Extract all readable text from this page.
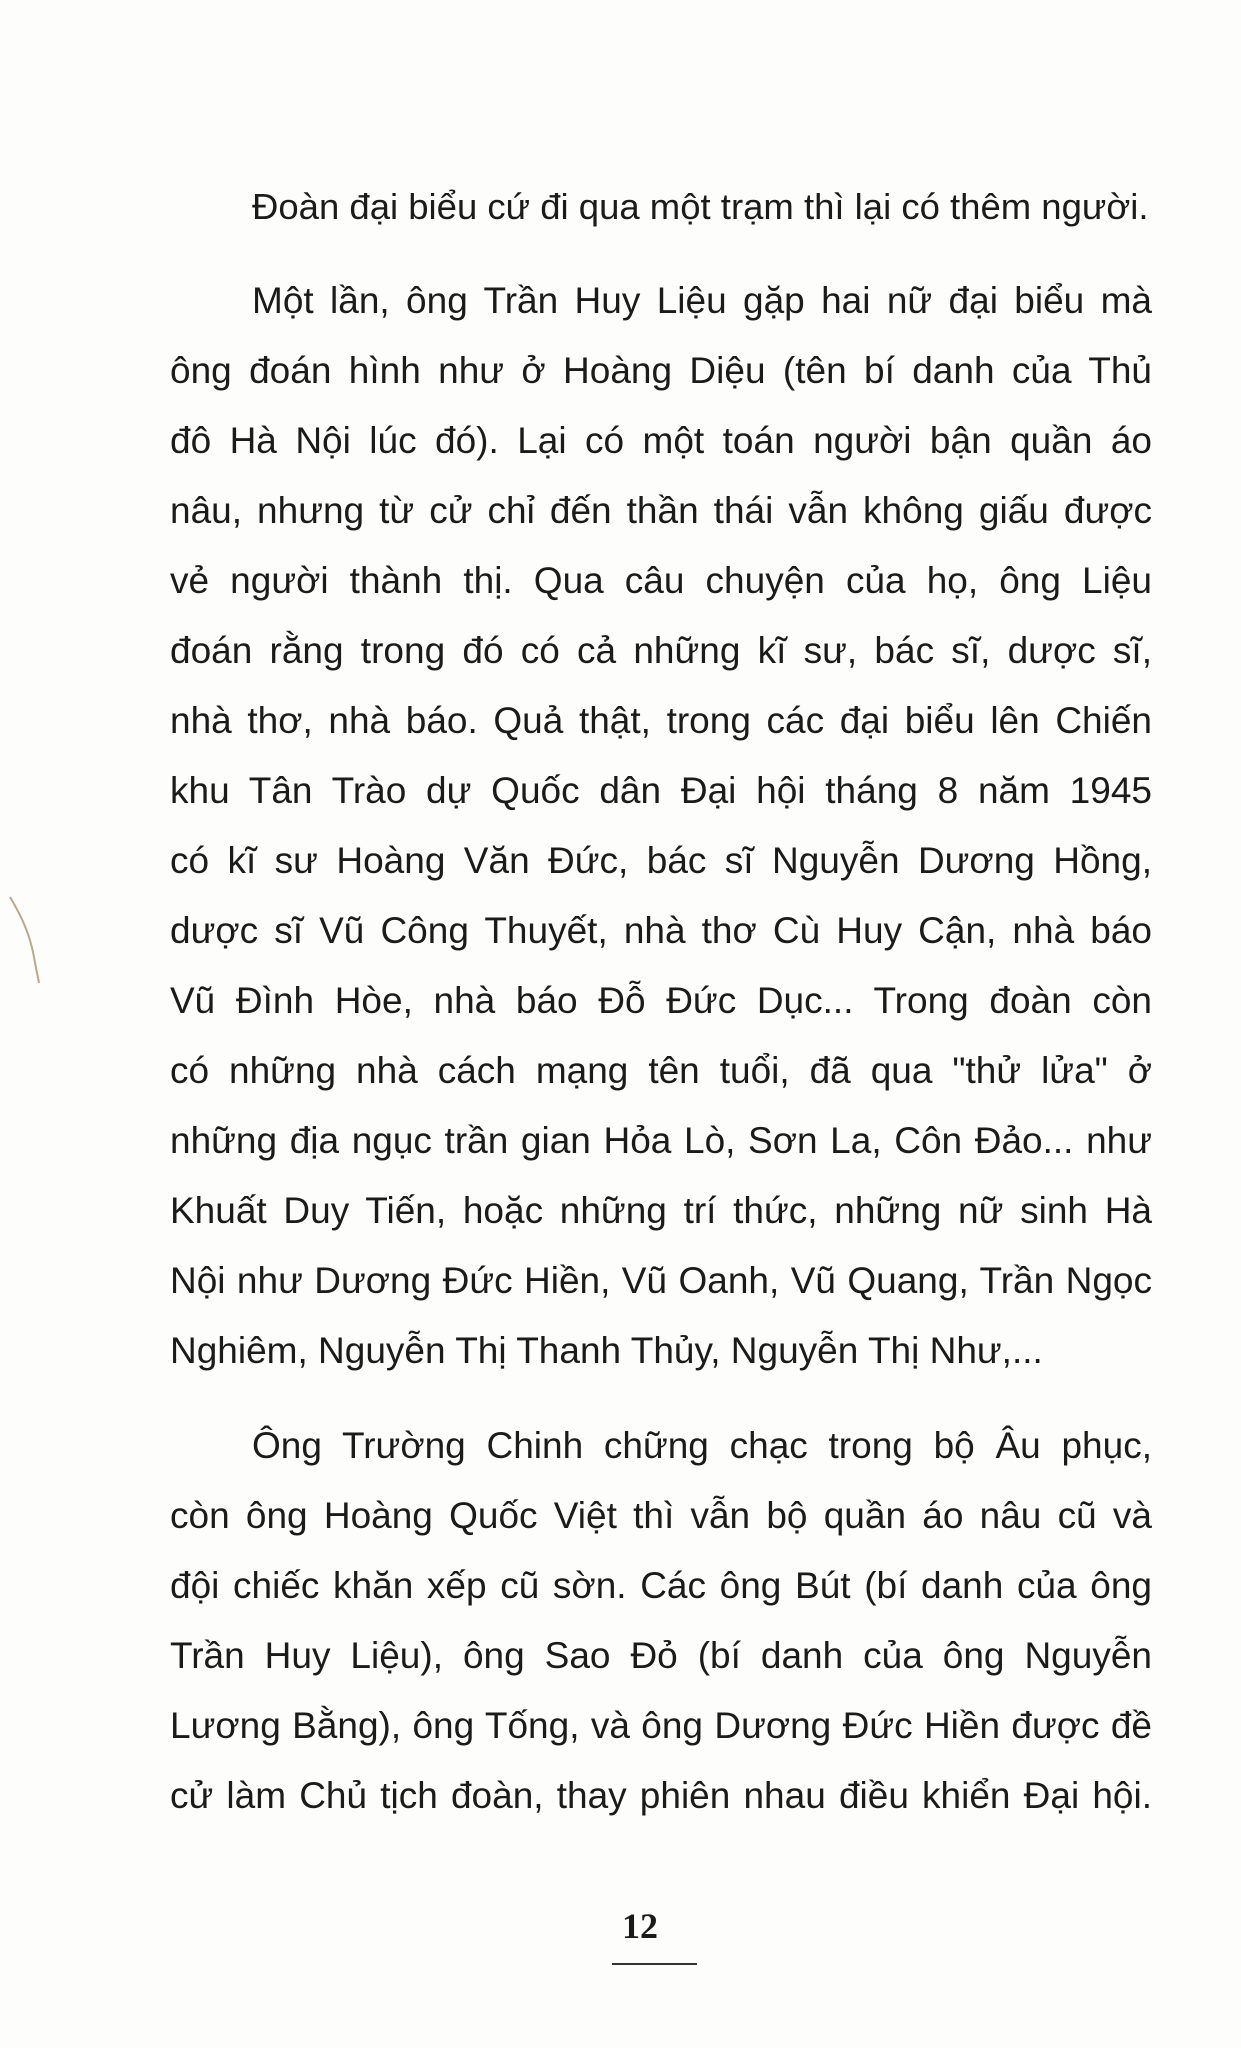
Đoàn đại biểu cứ đi qua một trạm thì lại có thêm người.
Một lần, ông Trần Huy Liệu gặp hai nữ đại biểu mà
ông đoán hình như ở Hoàng Diệu (tên bí danh của Thủ
đô Hà Nội lúc đó). Lại có một toán người bận quần áo
nâu, nhưng từ cử chỉ đến thần thái vẫn không giấu được
vẻ người thành thị. Qua câu chuyện của họ, ông Liệu
đoán rằng trong đó có cả những kĩ sư, bác sĩ, dược sĩ,
nhà thơ, nhà báo. Quả thật, trong các đại biểu lên Chiến
khu Tân Trào dự Quốc dân Đại hội tháng 8 năm 1945
có kĩ sư Hoàng Văn Đức, bác sĩ Nguyễn Dương Hồng,
dược sĩ Vũ Công Thuyết, nhà thơ Cù Huy Cận, nhà báo
Vũ Đình Hòe, nhà báo Đỗ Đức Dục... Trong đoàn còn
có những nhà cách mạng tên tuổi, đã qua "thử lửa" ở
những địa ngục trần gian Hỏa Lò, Sơn La, Côn Đảo... như
Khuất Duy Tiến, hoặc những trí thức, những nữ sinh Hà
Nội như Dương Đức Hiền, Vũ Oanh, Vũ Quang, Trần Ngọc
Nghiêm, Nguyễn Thị Thanh Thủy, Nguyễn Thị Như,...
Ông Trường Chinh chững chạc trong bộ Âu phục,
còn ông Hoàng Quốc Việt thì vẫn bộ quần áo nâu cũ và
đội chiếc khăn xếp cũ sờn. Các ông Bút (bí danh của ông
Trần Huy Liệu), ông Sao Đỏ (bí danh của ông Nguyễn
Lương Bằng), ông Tống, và ông Dương Đức Hiền được đề
cử làm Chủ tịch đoàn, thay phiên nhau điều khiển Đại hội.
12
